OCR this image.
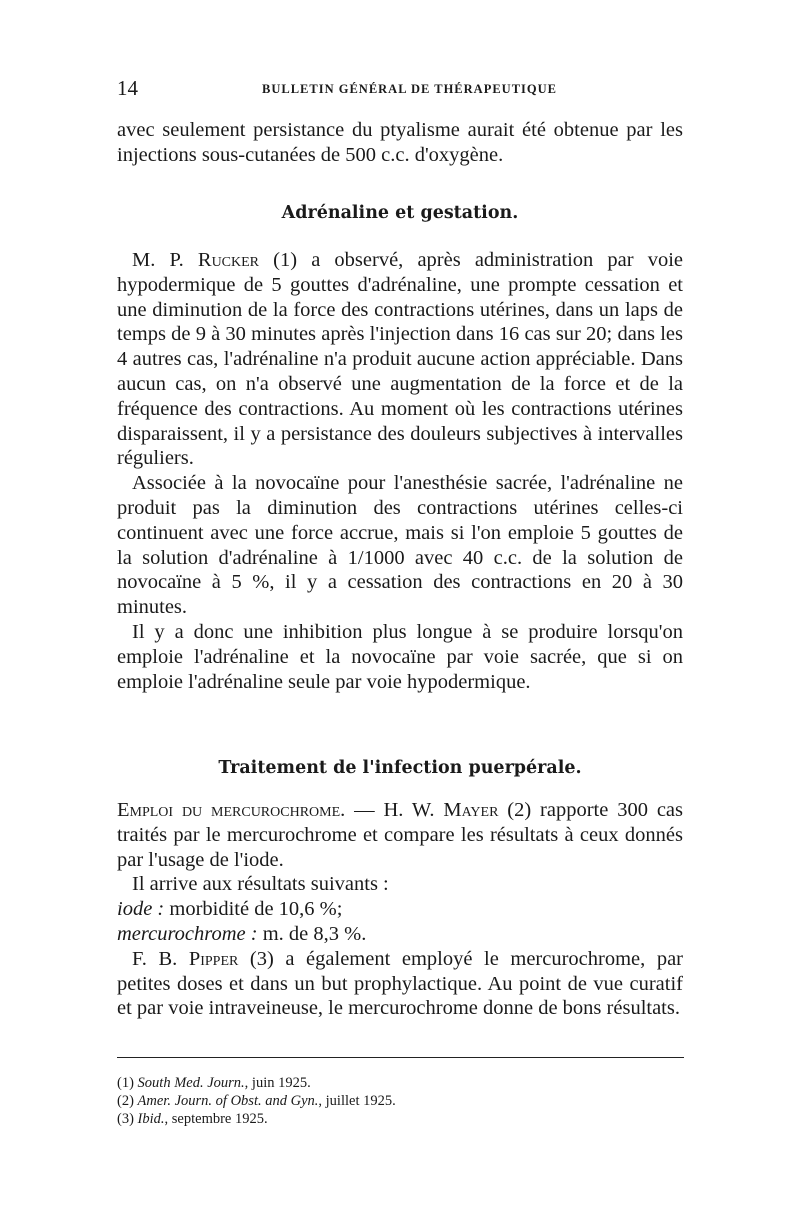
14	BULLETIN GÉNÉRAL DE THÉRAPEUTIQUE

avec seulement persistance du ptyalisme aurait été obtenue par les injections sous-cutanées de 500 c.c. d'oxygène.

Adrénaline et gestation.

M. P. Rucker (1) a observé, après administration par voie hypodermique de 5 gouttes d'adrénaline, une prompte cessation et une diminution de la force des contractions utérines, dans un laps de temps de 9 à 30 minutes après l'injection dans 16 cas sur 20; dans les 4 autres cas, l'adrénaline n'a produit aucune action appréciable. Dans aucun cas, on n'a observé une augmentation de la force et de la fréquence des contractions. Au moment où les contractions utérines disparaissent, il y a persistance des douleurs subjectives à intervalles réguliers.

Associée à la novocaïne pour l'anesthésie sacrée, l'adrénaline ne produit pas la diminution des contractions utérines celles-ci continuent avec une force accrue, mais si l'on emploie 5 gouttes de la solution d'adrénaline à 1/1000 avec 40 c.c. de la solution de novocaïne à 5 %, il y a cessation des contractions en 20 à 30 minutes.

Il y a donc une inhibition plus longue à se produire lorsqu'on emploie l'adrénaline et la novocaïne par voie sacrée, que si on emploie l'adrénaline seule par voie hypodermique.

Traitement de l'infection puerpérale.

Emploi du mercurochrome. — H. W. Mayer (2) rapporte 300 cas traités par le mercurochrome et compare les résultats à ceux donnés par l'usage de l'iode.

Il arrive aux résultats suivants :

iode : morbidité de 10,6 %;

mercurochrome : m. de 8,3 %.

F. B. Pipper (3) a également employé le mercurochrome, par petites doses et dans un but prophylactique. Au point de vue curatif et par voie intraveineuse, le mercurochrome donne de bons résultats.

(1) South Med. Journ., juin 1925.
(2) Amer. Journ. of Obst. and Gyn., juillet 1925.
(3) Ibid., septembre 1925.
